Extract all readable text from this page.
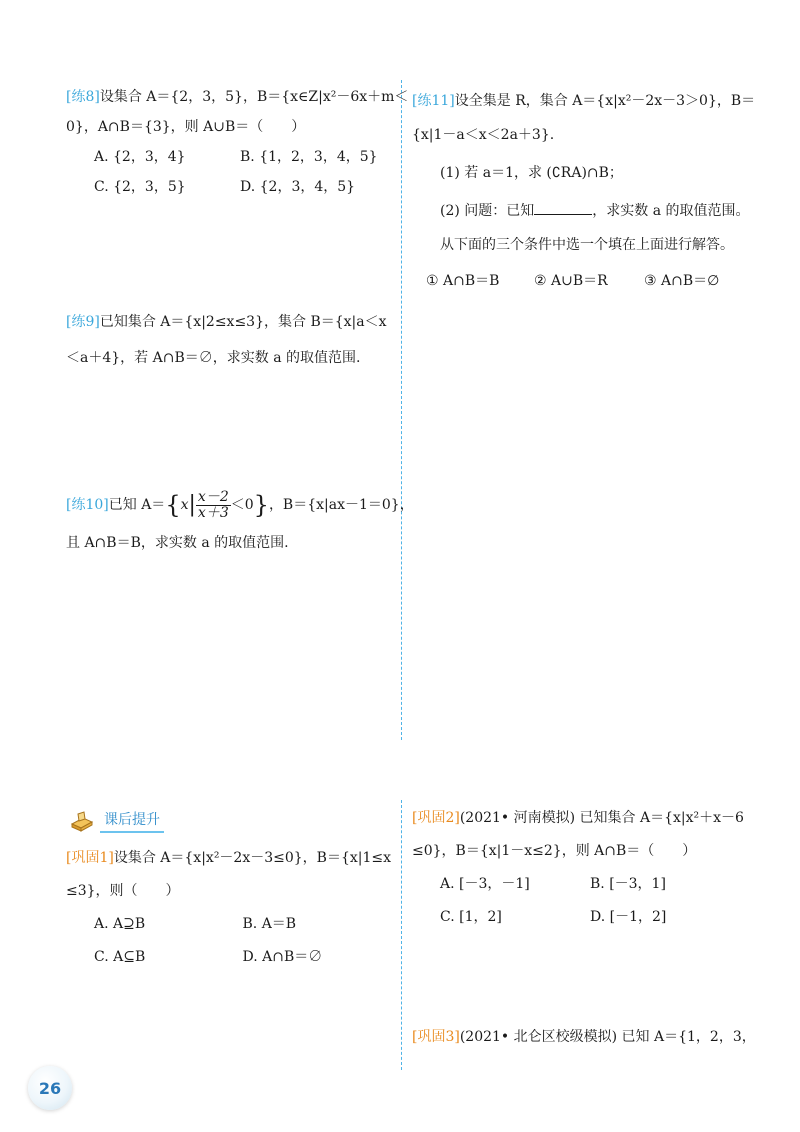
[练8]设集合 A＝{2，3，5}，B＝{x∈Z|x²－6x＋m＜
0}，A∩B＝{3}，则 A∪B＝（　　）
A. {2，3，4}	B. {1，2，3，4，5}
C. {2，3，5}	D. {2，3，4，5}
[练9]已知集合 A＝{x|2≤x≤3}，集合 B＝{x|a＜x
＜a＋4}，若 A∩B＝∅，求实数 a 的取值范围.
[练10]已知 $A=\{x| \frac{x-2}{x+3} <0\}$，B＝{x|ax－1＝0}，
且 A∩B＝B，求实数 a 的取值范围.
[练11]设全集是 R，集合 A＝{x|x²－2x－3＞0}，B＝
{x|1－a＜x＜2a＋3}.
(1) 若 a＝1，求 (∁RA)∩B；
(2) 问题：已知	，求实数 a 的取值范围。
从下面的三个条件中选一个填在上面进行解答。
① A∩B＝B	② A∪B＝R	③ A∩B＝∅
课后提升
[巩固1]设集合 A＝{x|x²－2x－3≤0}，B＝{x|1≤x
≤3}，则（　　）
A. A⊇B	B. A＝B
C. A⊆B	D. A∩B＝∅
[巩固2](2021• 河南模拟) 已知集合 A＝{x|x²＋x－6
≤0}，B＝{x|1－x≤2}，则 A∩B＝（　　）
A. [－3，－1]	B. [－3，1]
C. [1，2]	D. [－1，2]
[巩固3](2021• 北仑区校级模拟) 已知 A＝{1，2，3，
26
